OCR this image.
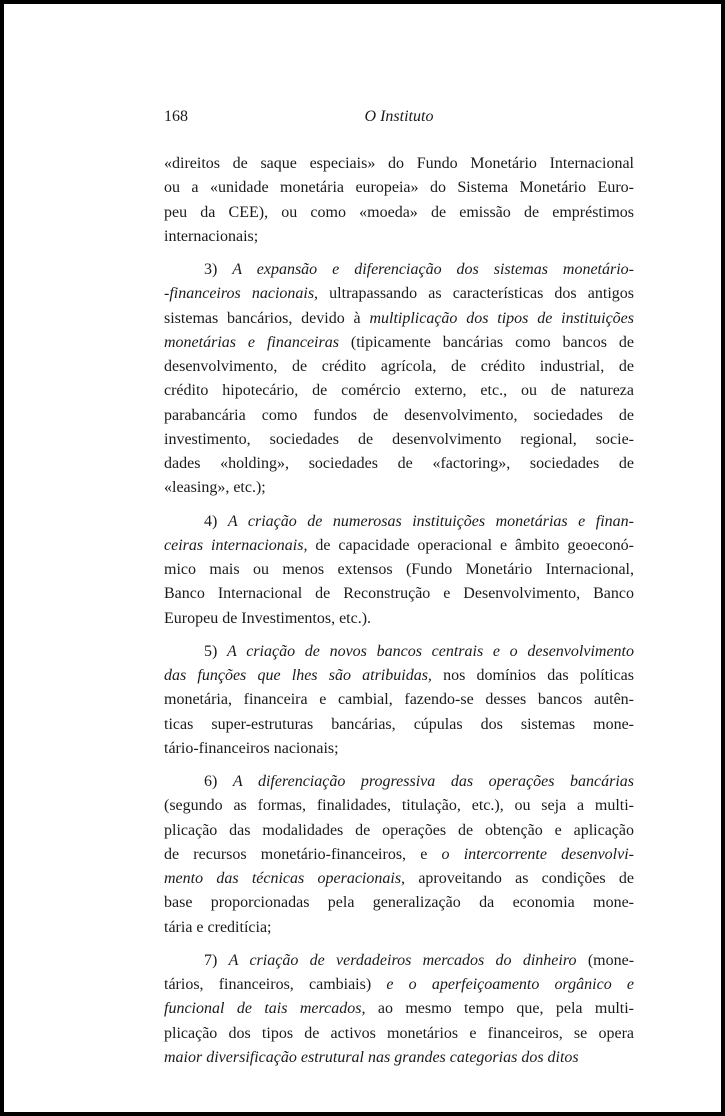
168	O Instituto
«direitos de saque especiais» do Fundo Monetário Internacional
ou a «unidade monetária europeia» do Sistema Monetário Euro-
peu da CEE), ou como «moeda» de emissão de empréstimos
internacionais;
3) A expansão e diferenciação dos sistemas monetário-
-financeiros nacionais, ultrapassando as características dos antigos
sistemas bancários, devido à multiplicação dos tipos de instituições
monetárias e financeiras (tipicamente bancárias como bancos de
desenvolvimento, de crédito agrícola, de crédito industrial, de
crédito hipotecário, de comércio externo, etc., ou de natureza
parabancária como fundos de desenvolvimento, sociedades de
investimento, sociedades de desenvolvimento regional, socie-
dades «holding», sociedades de «factoring», sociedades de
«leasing», etc.);
4) A criação de numerosas instituições monetárias e finan-
ceiras internacionais, de capacidade operacional e âmbito geoeconó-
mico mais ou menos extensos (Fundo Monetário Internacional,
Banco Internacional de Reconstrução e Desenvolvimento, Banco
Europeu de Investimentos, etc.).
5) A criação de novos bancos centrais e o desenvolvimento
das funções que lhes são atribuidas, nos domínios das políticas
monetária, financeira e cambial, fazendo-se desses bancos autên-
ticas super-estruturas bancárias, cúpulas dos sistemas mone-
tário-financeiros nacionais;
6) A diferenciação progressiva das operações bancárias
(segundo as formas, finalidades, titulação, etc.), ou seja a multi-
plicação das modalidades de operações de obtenção e aplicação
de recursos monetário-financeiros, e o intercorrente desenvolvi-
mento das técnicas operacionais, aproveitando as condições de
base proporcionadas pela generalização da economia mone-
tária e creditícia;
7) A criação de verdadeiros mercados do dinheiro (mone-
tários, financeiros, cambiais) e o aperfeiçoamento orgânico e
funcional de tais mercados, ao mesmo tempo que, pela multi-
plicação dos tipos de activos monetários e financeiros, se opera
maior diversificação estrutural nas grandes categorias dos ditos
